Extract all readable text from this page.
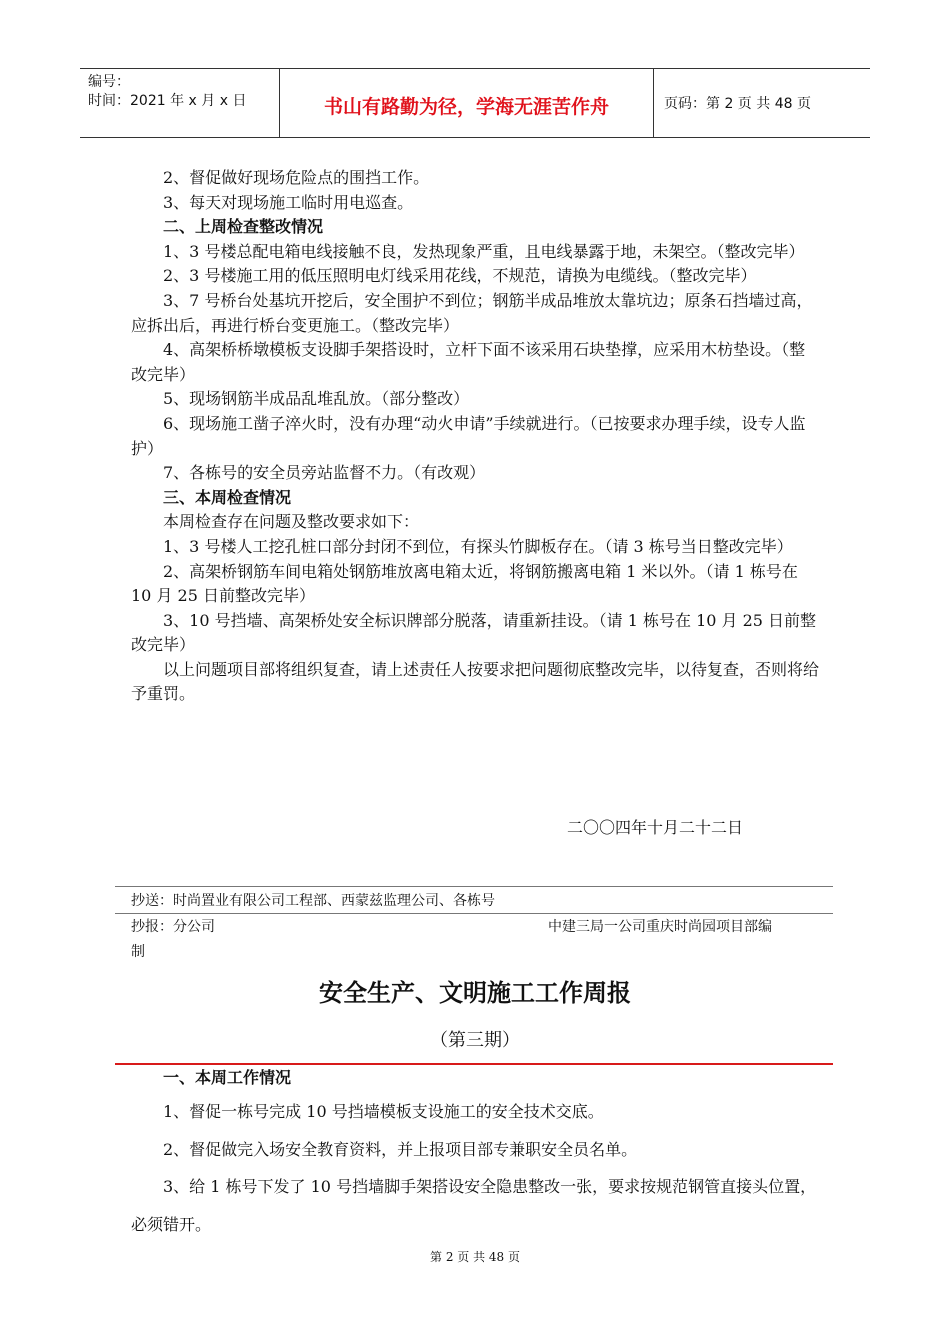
编号：
时间：2021 年 x 月 x 日	书山有路勤为径，学海无涯苦作舟	页码：第 2 页 共 48 页

2、督促做好现场危险点的围挡工作。

3、每天对现场施工临时用电巡查。

二、上周检查整改情况

1、3 号楼总配电箱电线接触不良，发热现象严重，且电线暴露于地，未架空。（整改完毕）

2、3 号楼施工用的低压照明电灯线采用花线，不规范，请换为电缆线。（整改完毕）

3、7 号桥台处基坑开挖后，安全围护不到位；钢筋半成品堆放太靠坑边；原条石挡墙过高，应拆出后，再进行桥台变更施工。（整改完毕）

4、高架桥桥墩模板支设脚手架搭设时，立杆下面不该采用石块垫撑，应采用木枋垫设。（整改完毕）

5、现场钢筋半成品乱堆乱放。（部分整改）

6、现场施工凿子淬火时，没有办理“动火申请”手续就进行。（已按要求办理手续，设专人监护）

7、各栋号的安全员旁站监督不力。（有改观）

三、本周检查情况

本周检查存在问题及整改要求如下：

1、3 号楼人工挖孔桩口部分封闭不到位，有探头竹脚板存在。（请 3 栋号当日整改完毕）

2、高架桥钢筋车间电箱处钢筋堆放离电箱太近，将钢筋搬离电箱 1 米以外。（请 1 栋号在 10 月 25 日前整改完毕）

3、10 号挡墙、高架桥处安全标识牌部分脱落，请重新挂设。（请 1 栋号在 10 月 25 日前整改完毕）

以上问题项目部将组织复查，请上述责任人按要求把问题彻底整改完毕，以待复查，否则将给予重罚。

二〇〇四年十月二十二日
抄送：时尚置业有限公司工程部、西蒙兹监理公司、各栋号
抄报：分公司	中建三局一公司重庆时尚园项目部编
制
安全生产、文明施工工作周报
（第三期）

一、本周工作情况

1、督促一栋号完成 10 号挡墙模板支设施工的安全技术交底。

2、督促做完入场安全教育资料，并上报项目部专兼职安全员名单。

3、给 1 栋号下发了 10 号挡墙脚手架搭设安全隐患整改一张，要求按规范钢管直接头位置，必须错开。

第 2 页 共 48 页
